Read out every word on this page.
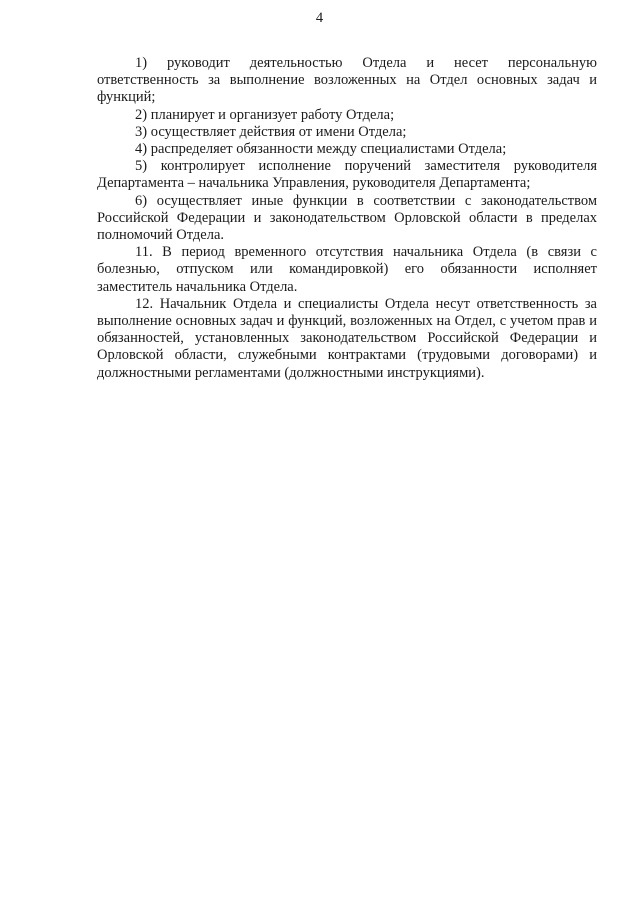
4

1) руководит деятельностью Отдела и несет персональную ответственность за выполнение возложенных на Отдел основных задач и функций;

2) планирует и организует работу Отдела;

3) осуществляет действия от имени Отдела;

4) распределяет обязанности между специалистами Отдела;

5) контролирует исполнение поручений заместителя руководителя Департамента – начальника Управления, руководителя Департамента;

6) осуществляет иные функции в соответствии с законодательством Российской Федерации и законодательством Орловской области в пределах полномочий Отдела.

11. В период временного отсутствия начальника Отдела (в связи с болезнью, отпуском или командировкой) его обязанности исполняет заместитель начальника Отдела.

12. Начальник Отдела и специалисты Отдела несут ответственность за выполнение основных задач и функций, возложенных на Отдел, с учетом прав и обязанностей, установленных законодательством Российской Федерации и Орловской области, служебными контрактами (трудовыми договорами) и должностными регламентами (должностными инструкциями).
